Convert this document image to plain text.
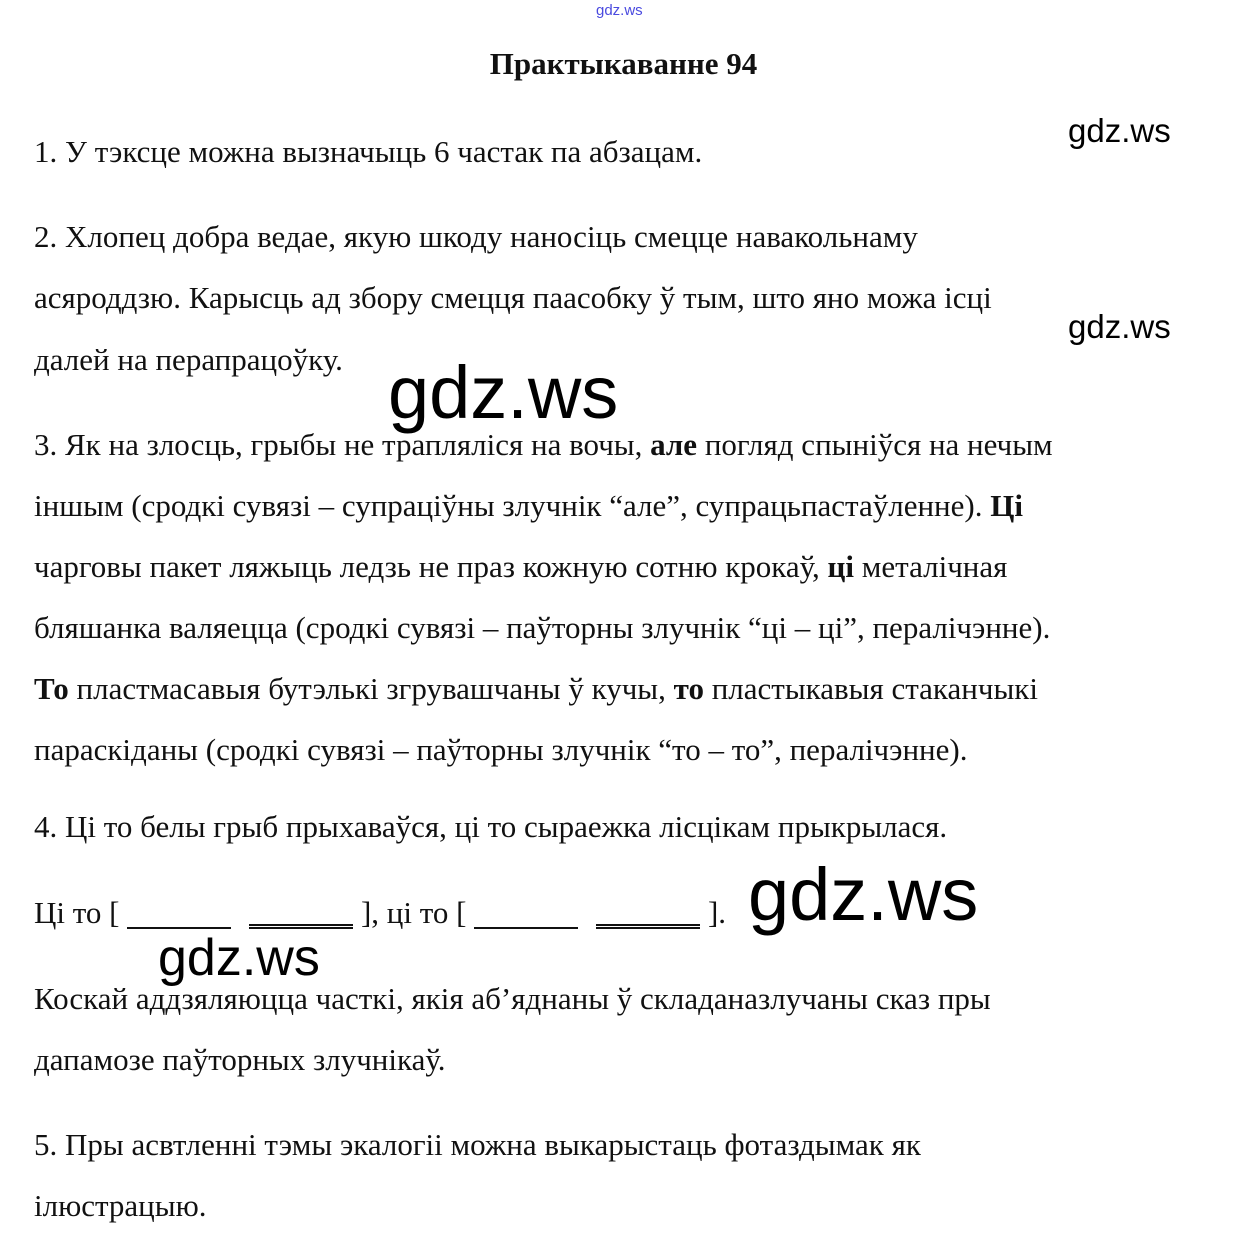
gdz.ws
Практыкаванне 94
gdz.ws
1. У тэксце можна вызначыць 6 частак па абзацам.
2. Хлопец добра ведае, якую шкоду наносіць смецце навакольнаму
асяроддзю. Карысць ад збору смецця паасобку ў тым, што яно можа ісці
gdz.ws
далей на перапрацоўку. gdz.ws
3. Як на злосць, грыбы не траплялiся на вочы, але погляд спынiўся на нечым
iншым (сродкі сувязі – супраціўны злучнік “але”, супрацьпастаўленне). Цi
чарговы пакет ляжыць ледзь не праз кожную сотню крокаў, цi металiчная
бляшанка валяецца (сродкі сувязі – паўторны злучнік “ці – ці”, пералічэнне).
То пластмасавыя бутэлькi згрувашчаны ў кучы, то пластыкавыя стаканчыкi
параскiданы (сродкі сувязі – паўторны злучнік “то – то”, пералічэнне).
4. Ці то белы грыб прыхаваўся, ці то сыраежка лісцікам прыкрылася.
Ці то [	], ці то [	]. gdz.ws
gdz.ws
Коскай аддзяляюцца часткі, якія аб’яднаны ў складаназлучаны сказ пры
дапамозе паўторных злучнікаў.
5. Пры асвтленні тэмы экалогіі можна выкарыстаць фотаздымак як
ілюстрацыю.
